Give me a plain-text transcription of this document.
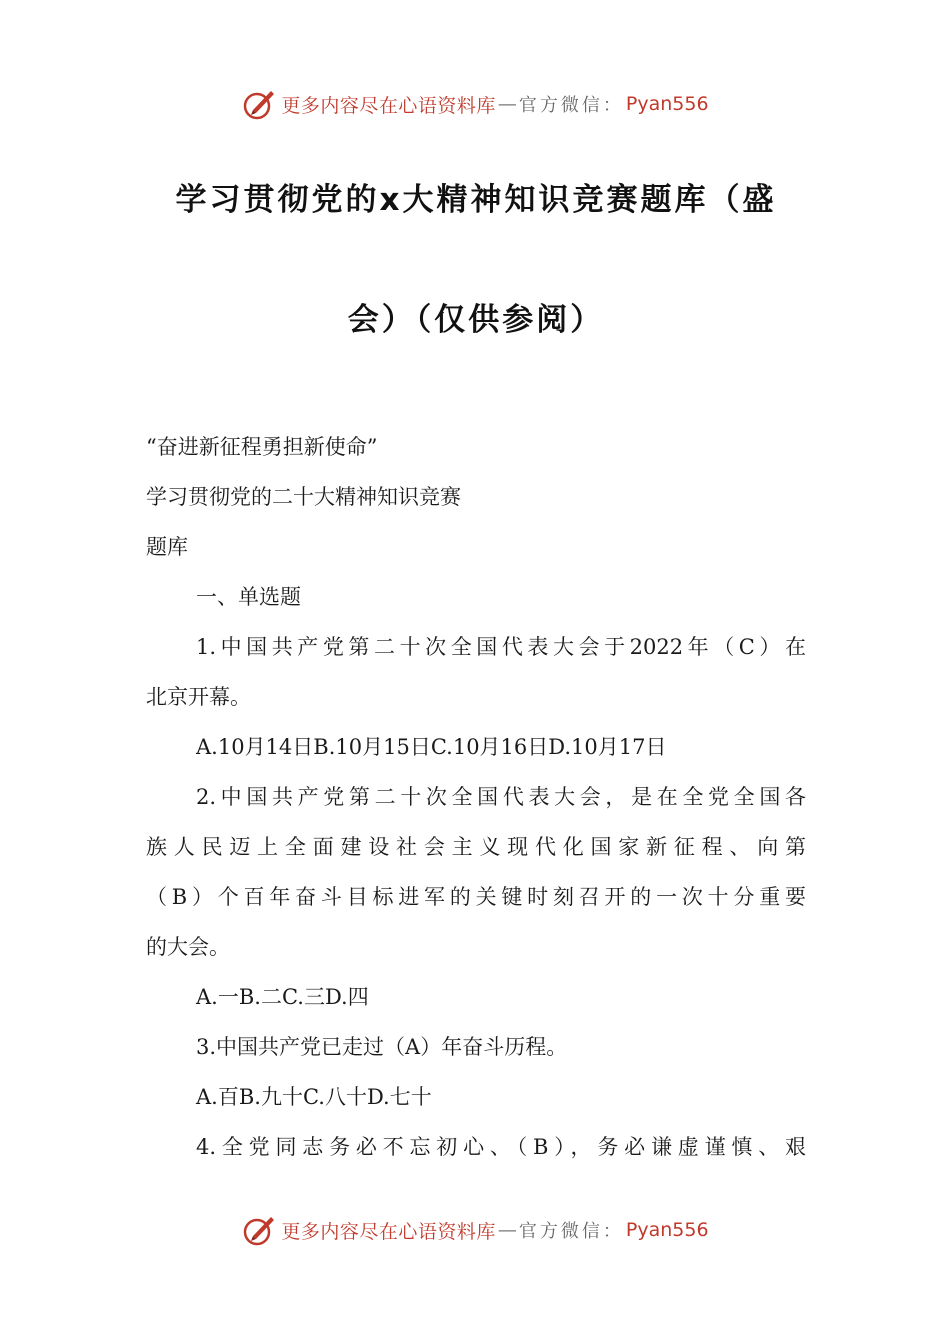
更多内容尽在心语资料库 — 官方微信： Pyan556
学习贯彻党的x大精神知识竞赛题库（盛
会）（仅供参阅）

“奋进新征程勇担新使命”

学习贯彻党的二十大精神知识竞赛

题库

一、单选题

1.中国共产党第二十次全国代表大会于2022年（C）在

北京开幕。

A.10月14日B.10月15日C.10月16日D.10月17日

2.中国共产党第二十次全国代表大会，是在全党全国各

族人民迈上全面建设社会主义现代化国家新征程、向第

（B）个百年奋斗目标进军的关键时刻召开的一次十分重要

的大会。

A.一B.二C.三D.四

3.中国共产党已走过（A）年奋斗历程。

A.百B.九十C.八十D.七十

4.全党同志务必不忘初心、（B），务必谦虚谨慎、艰

更多内容尽在心语资料库 — 官方微信： Pyan556
